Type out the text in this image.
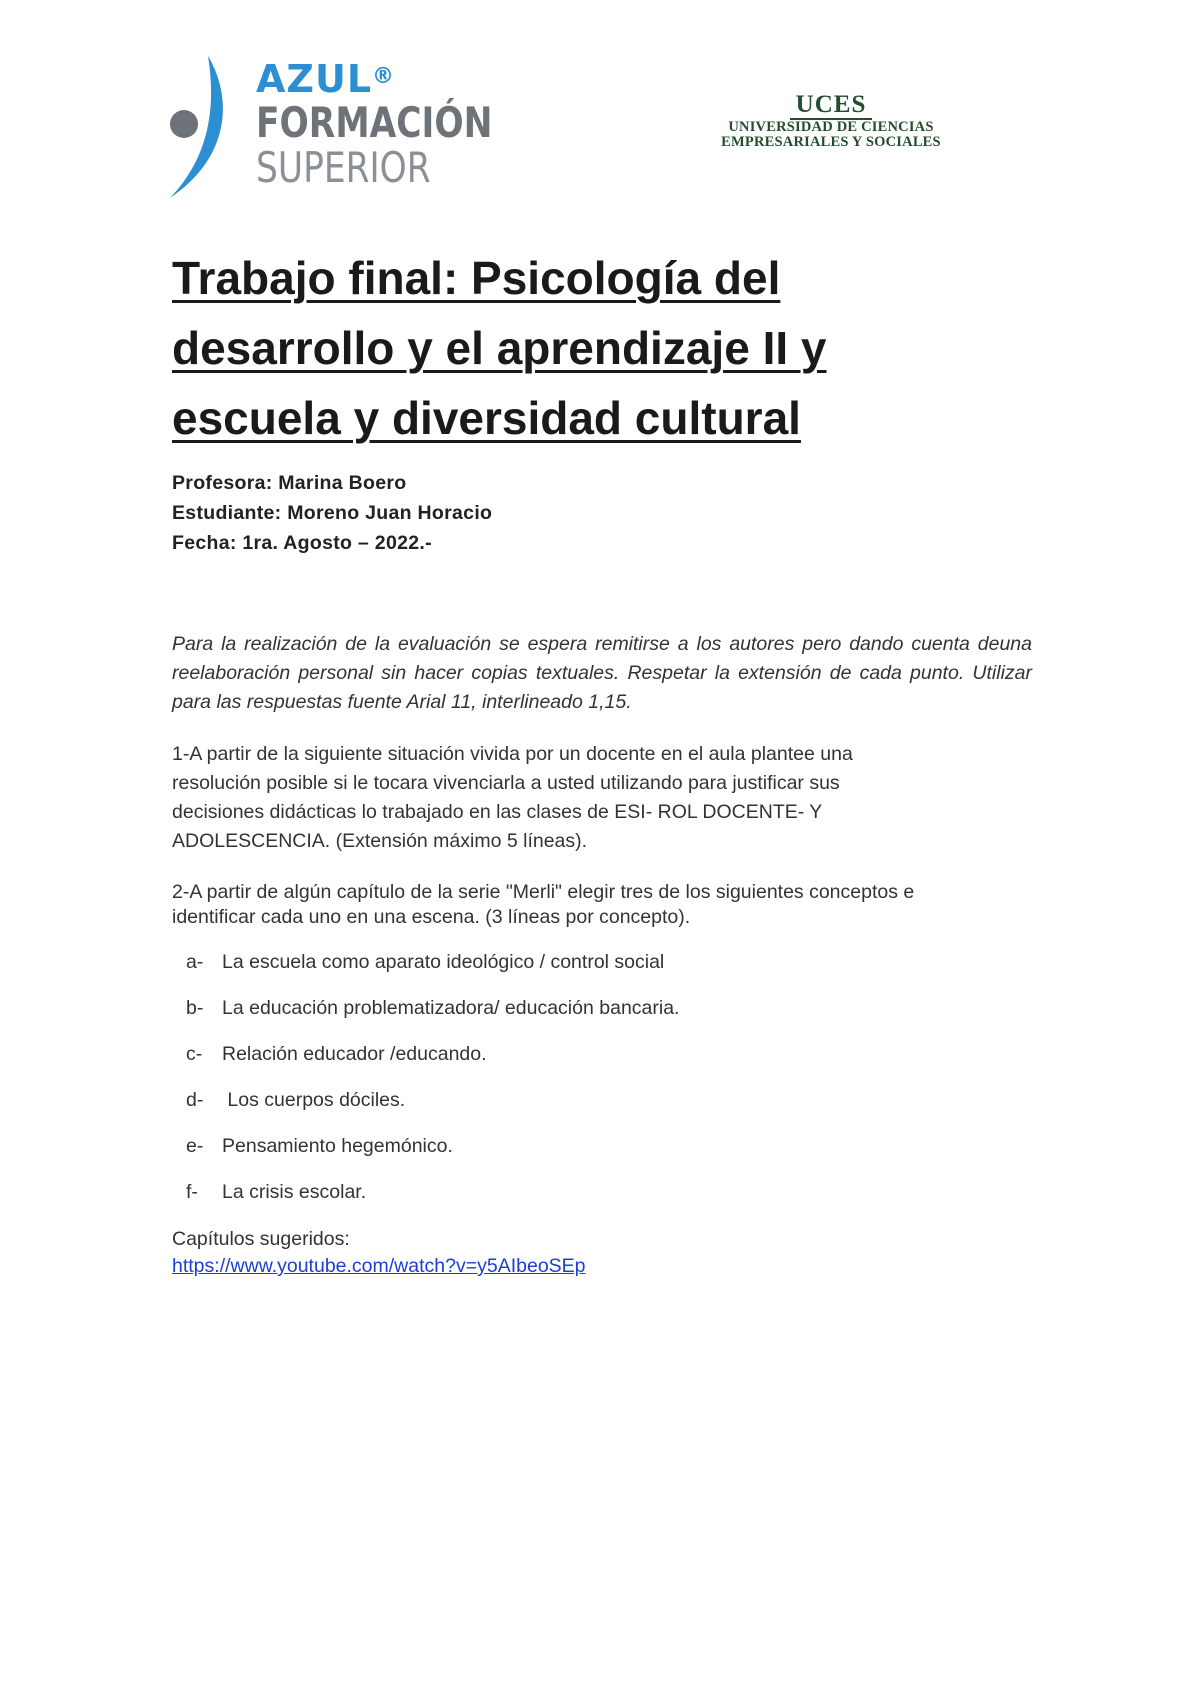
AZUL®
FORMACIÓN
SUPERIOR
UCES
UNIVERSIDAD DE CIENCIAS
EMPRESARIALES Y SOCIALES
Trabajo final: Psicología del
desarrollo y el aprendizaje II y
escuela y diversidad cultural
Profesora: Marina Boero
Estudiante: Moreno Juan Horacio
Fecha: 1ra. Agosto – 2022.-

Para la realización de la evaluación se espera remitirse a los autores pero dando cuenta deuna reelaboración personal sin hacer copias textuales. Respetar la extensión de cada punto. Utilizar para las respuestas fuente Arial 11, interlineado 1,15.

1-A partir de la siguiente situación vivida por un docente en el aula plantee una
resolución posible si le tocara vivenciarla a usted utilizando para justificar sus
decisiones didácticas lo trabajado en las clases de ESI- ROL DOCENTE- Y
ADOLESCENCIA. (Extensión máximo 5 líneas).

2-A partir de algún capítulo de la serie "Merli" elegir tres de los siguientes conceptos e
identificar cada uno en una escena. (3 líneas por concepto).

a- La escuela como aparato ideológico / control social
b- La educación problematizadora/ educación bancaria.
c- Relación educador /educando.
d- Los cuerpos dóciles.
e- Pensamiento hegemónico.
f- La crisis escolar.
Capítulos sugeridos:
https://www.youtube.com/watch?v=y5AIbeoSEp
